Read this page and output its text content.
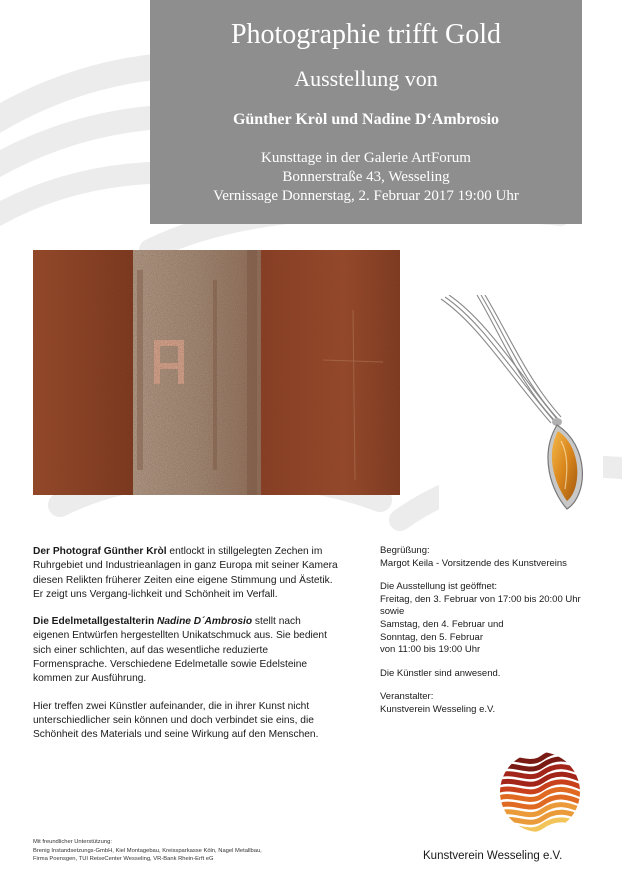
Photographie trifft Gold
Ausstellung von
Günther Kròl und Nadine D‘Ambrosio
Kunsttage in der Galerie ArtForum
Bonnerstraße 43, Wesseling
Vernissage Donnerstag, 2. Februar 2017 19:00 Uhr

Der Photograf Günther Kròl entlockt in stillgelegten Zechen im Ruhrgebiet und Industrieanlagen in ganz Europa mit seiner Kamera diesen Relikten früherer Zeiten eine eigene Stimmung und Ästetik. Er zeigt uns Vergang-lichkeit und Schönheit im Verfall.

Die Edelmetallgestalterin Nadine D´Ambrosio stellt nach eigenen Entwürfen hergestellten Unikatschmuck aus. Sie bedient sich einer schlichten, auf das wesentliche reduzierte Formensprache. Verschiedene Edelmetalle sowie Edelsteine kommen zur Ausführung.

Hier treffen zwei Künstler aufeinander, die in ihrer Kunst nicht unterschiedlicher sein können und doch verbindet sie eins, die Schönheit des Materials und seine Wirkung auf den Menschen.

Begrüßung:
Margot Keila - Vorsitzende des Kunstvereins
Die Ausstellung ist geöffnet:
Freitag, den 3. Februar von 17:00 bis 20:00 Uhr
sowie
Samstag, den 4. Februar und
Sonntag, den 5. Februar
von 11:00 bis 19:00 Uhr
Die Künstler sind anwesend.
Veranstalter:
Kunstverein Wesseling e.V.
Mit freundlicher Unterstützung:
Brenig Instandsetzungs-GmbH, Kiel Montagebau, Kreissparkasse Köln, Nagel Metallbau,
Firma Poensgen, TUI ReiseCenter Wesseling, VR-Bank Rhein-Erft eG	Kunstverein Wesseling e.V.
